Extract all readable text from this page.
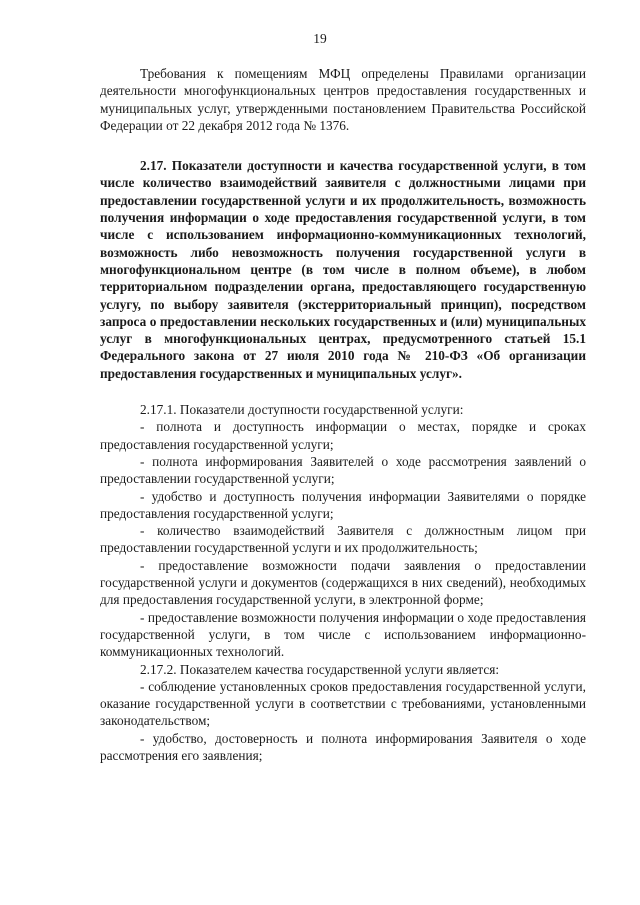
19

Требования к помещениям МФЦ определены Правилами организации деятельности многофункциональных центров предоставления государственных и муниципальных услуг, утвержденными постановлением Правительства Российской Федерации от 22 декабря 2012 года № 1376.

2.17. Показатели доступности и качества государственной услуги, в том числе количество взаимодействий заявителя с должностными лицами при предоставлении государственной услуги и их продолжительность, возможность получения информации о ходе предоставления государственной услуги, в том числе с использованием информационно-коммуникационных технологий, возможность либо невозможность получения государственной услуги в многофункциональном центре (в том числе в полном объеме), в любом территориальном подразделении органа, предоставляющего государственную услугу, по выбору заявителя (экстерриториальный принцип), посредством запроса о предоставлении нескольких государственных и (или) муниципальных услуг в многофункциональных центрах, предусмотренного статьей 15.1 Федерального закона от 27 июля 2010 года № 210-ФЗ «Об организации предоставления государственных и муниципальных услуг».

2.17.1. Показатели доступности государственной услуги:

- полнота и доступность информации о местах, порядке и сроках предоставления государственной услуги;

- полнота информирования Заявителей о ходе рассмотрения заявлений о предоставлении государственной услуги;

- удобство и доступность получения информации Заявителями о порядке предоставления государственной услуги;

- количество взаимодействий Заявителя с должностным лицом при предоставлении государственной услуги и их продолжительность;

- предоставление возможности подачи заявления о предоставлении государственной услуги и документов (содержащихся в них сведений), необходимых для предоставления государственной услуги, в электронной форме;

- предоставление возможности получения информации о ходе предоставления государственной услуги, в том числе с использованием информационно-коммуникационных технологий.

2.17.2. Показателем качества государственной услуги является:

- соблюдение установленных сроков предоставления государственной услуги, оказание государственной услуги в соответствии с требованиями, установленными законодательством;

- удобство, достоверность и полнота информирования Заявителя о ходе рассмотрения его заявления;
